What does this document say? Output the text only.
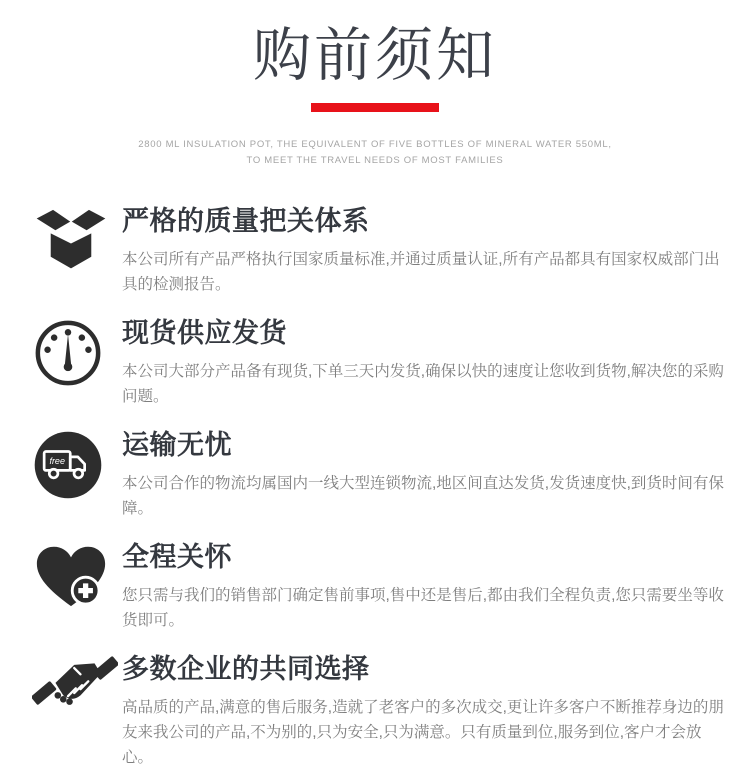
购前须知
2800 ML INSULATION POT, THE EQUIVALENT OF FIVE BOTTLES OF MINERAL WATER 550ML,
TO MEET THE TRAVEL NEEDS OF MOST FAMILIES
严格的质量把关体系
本公司所有产品严格执行国家质量标准,并通过质量认证,所有产品都具有国家权威部门出具的检测报告。
现货供应发货
本公司大部分产品备有现货,下单三天内发货,确保以快的速度让您收到货物,解决您的采购问题。
free
运输无忧
本公司合作的物流均属国内一线大型连锁物流,地区间直达发货,发货速度快,到货时间有保障。
全程关怀
您只需与我们的销售部门确定售前事项,售中还是售后,都由我们全程负责,您只需要坐等收货即可。
多数企业的共同选择
高品质的产品,满意的售后服务,造就了老客户的多次成交,更让许多客户不断推荐身边的朋友来我公司的产品,不为别的,只为安全,只为满意。只有质量到位,服务到位,客户才会放心。
